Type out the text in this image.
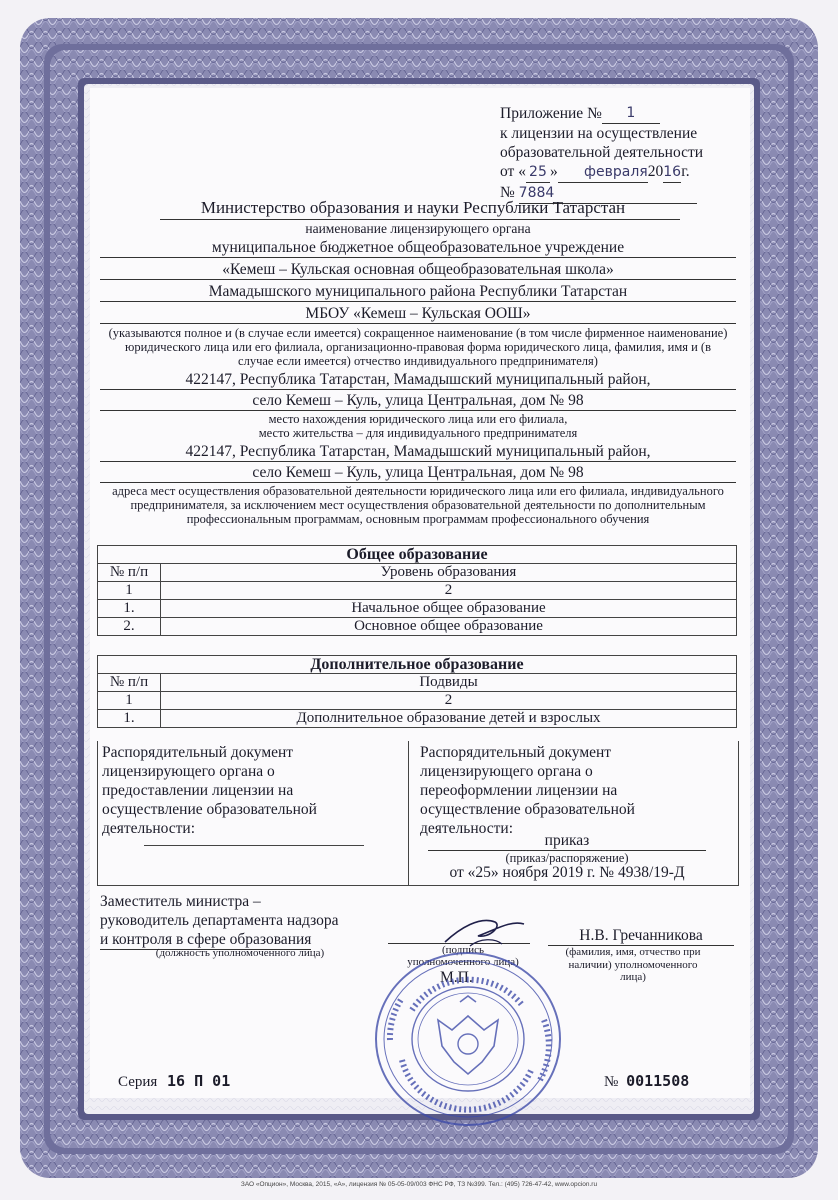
Приложение № 1
к лицензии на осуществление
образовательной деятельности
от « 25 » февраля2016г.
№ 7884
Министерство образования и науки Республики Татарстан
наименование лицензирующего органа
муниципальное бюджетное общеобразовательное учреждение
«Кемеш – Кульская основная общеобразовательная школа»
Мамадышского муниципального района Республики Татарстан
МБОУ «Кемеш – Кульская ООШ»
(указываются полное и (в случае если имеется) сокращенное наименование (в том числе фирменное наименование) юридического лица или его филиала, организационно-правовая форма юридического лица, фамилия, имя и (в случае если имеется) отчество индивидуального предпринимателя)
422147, Республика Татарстан, Мамадышский муниципальный район,
село Кемеш – Куль, улица Центральная, дом № 98
место нахождения юридического лица или его филиала,
место жительства – для индивидуального предпринимателя
422147, Республика Татарстан, Мамадышский муниципальный район,
село Кемеш – Куль, улица Центральная, дом № 98
адреса мест осуществления образовательной деятельности юридического лица или его филиала, индивидуального предпринимателя, за исключением мест осуществления образовательной деятельности по дополнительным профессиональным программам, основным программам профессионального обучения
Общее образование	
№ п/п	Уровень образования
1	2
1.	Начальное общее образование
2.	Основное общее образование
Дополнительное образование	
№ п/п	Подвиды
1	2
1.	Дополнительное образование детей и взрослых
Распорядительный документ лицензирующего органа о предоставлении лицензии на осуществление образовательной деятельности:
Распорядительный документ лицензирующего органа о переоформлении лицензии на осуществление образовательной деятельности:
приказ
(приказ/распоряжение)
от «25» ноября 2019 г. № 4938/19-Д
Заместитель министра –
руководитель департамента надзора
и контроля в сфере образования
(должность уполномоченного лица)	(подпись
уполномоченного лица)
М.П.
Н.В. Гречанникова
(фамилия, имя, отчество при наличии) уполномоченного лица)
Серия 16 П 01	№ 0011508
ЗАО «Опцион», Москва, 2015, «А», лицензия № 05-05-09/003 ФНС РФ, ТЗ №399. Тел.: (495) 726-47-42, www.opcion.ru
